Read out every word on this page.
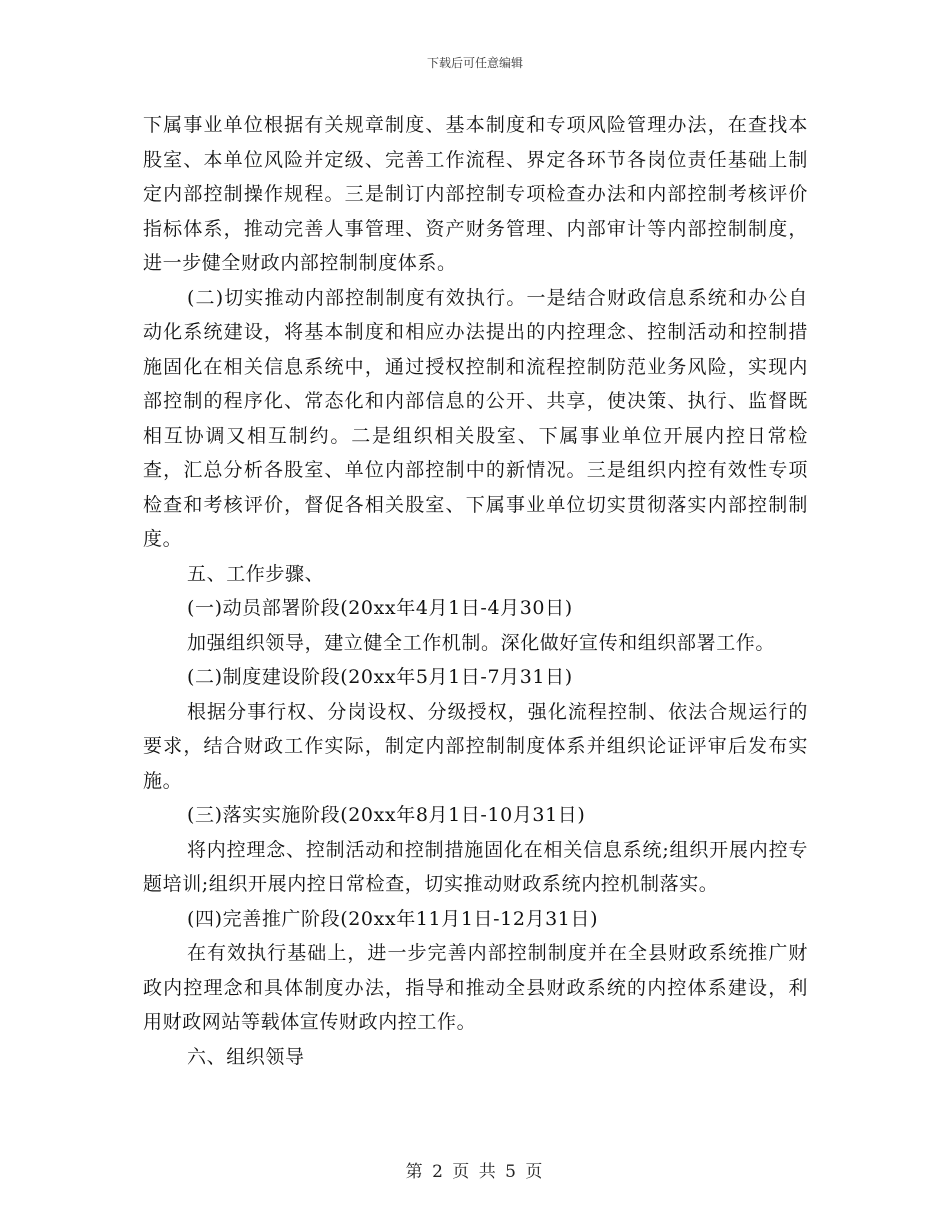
下载后可任意编辑

下属事业单位根据有关规章制度、基本制度和专项风险管理办法，在查找本股室、本单位风险并定级、完善工作流程、界定各环节各岗位责任基础上制定内部控制操作规程。三是制订内部控制专项检查办法和内部控制考核评价指标体系，推动完善人事管理、资产财务管理、内部审计等内部控制制度，进一步健全财政内部控制制度体系。

(二)切实推动内部控制制度有效执行。一是结合财政信息系统和办公自动化系统建设，将基本制度和相应办法提出的内控理念、控制活动和控制措施固化在相关信息系统中，通过授权控制和流程控制防范业务风险，实现内部控制的程序化、常态化和内部信息的公开、共享，使决策、执行、监督既相互协调又相互制约。二是组织相关股室、下属事业单位开展内控日常检查，汇总分析各股室、单位内部控制中的新情况。三是组织内控有效性专项检查和考核评价，督促各相关股室、下属事业单位切实贯彻落实内部控制制度。

五、工作步骤、

(一)动员部署阶段(20xx年4月1日-4月30日)

加强组织领导，建立健全工作机制。深化做好宣传和组织部署工作。

(二)制度建设阶段(20xx年5月1日-7月31日)

根据分事行权、分岗设权、分级授权，强化流程控制、依法合规运行的要求，结合财政工作实际，制定内部控制制度体系并组织论证评审后发布实施。

(三)落实实施阶段(20xx年8月1日-10月31日)

将内控理念、控制活动和控制措施固化在相关信息系统;组织开展内控专题培训;组织开展内控日常检查，切实推动财政系统内控机制落实。

(四)完善推广阶段(20xx年11月1日-12月31日)

在有效执行基础上，进一步完善内部控制制度并在全县财政系统推广财政内控理念和具体制度办法，指导和推动全县财政系统的内控体系建设，利用财政网站等载体宣传财政内控工作。

六、组织领导

第 2 页 共 5 页
